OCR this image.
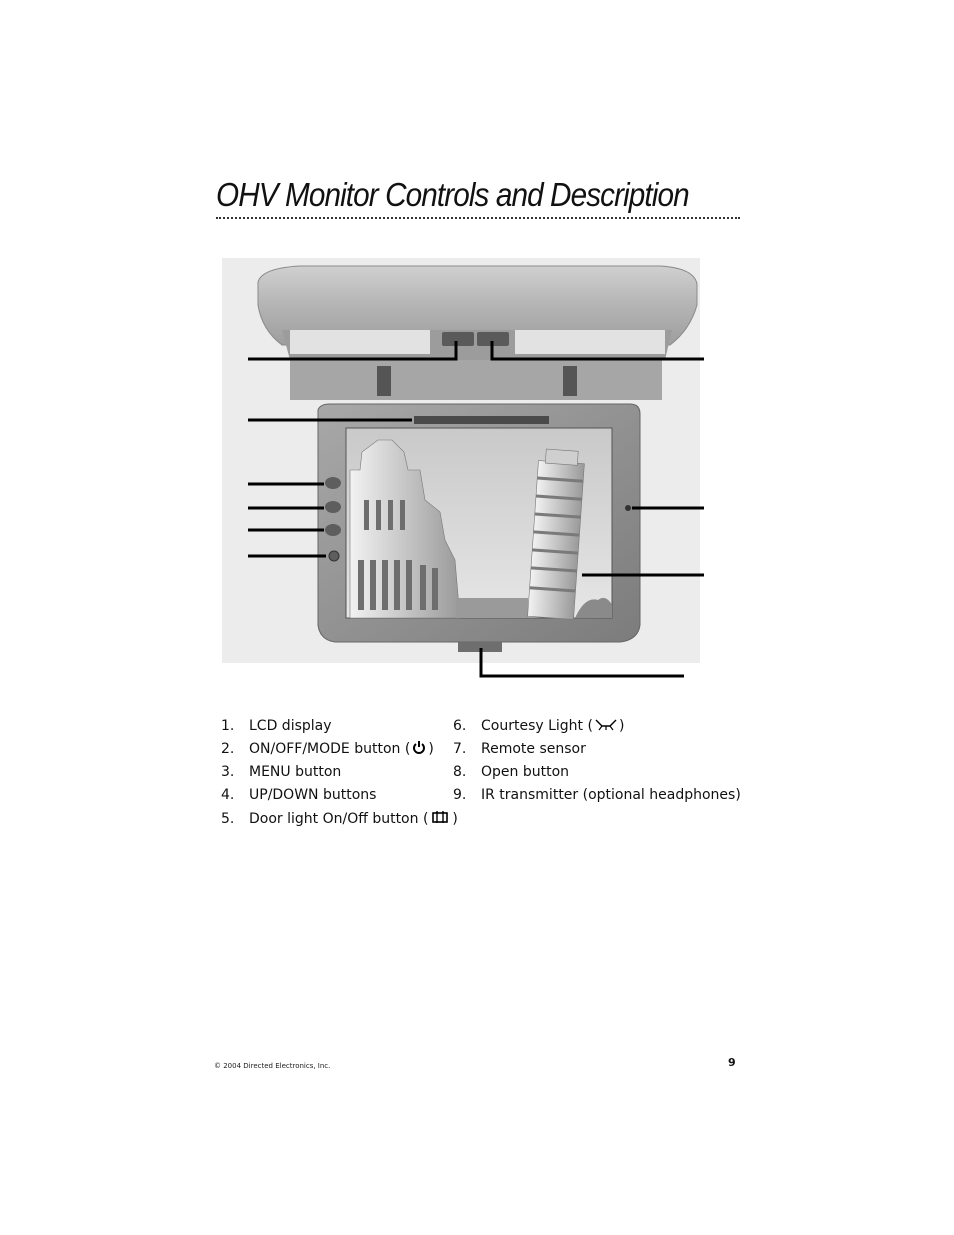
OHV Monitor Controls and Description
1.	LCD display
2.	ON/OFF/MODE button ( )
3.	MENU button
4.	UP/DOWN buttons
5.	Door light On/Off button ( )
6.	Courtesy Light ( )
7.	Remote sensor
8.	Open button
9.	IR transmitter (optional headphones)
© 2004 Directed Electronics, Inc.	9
